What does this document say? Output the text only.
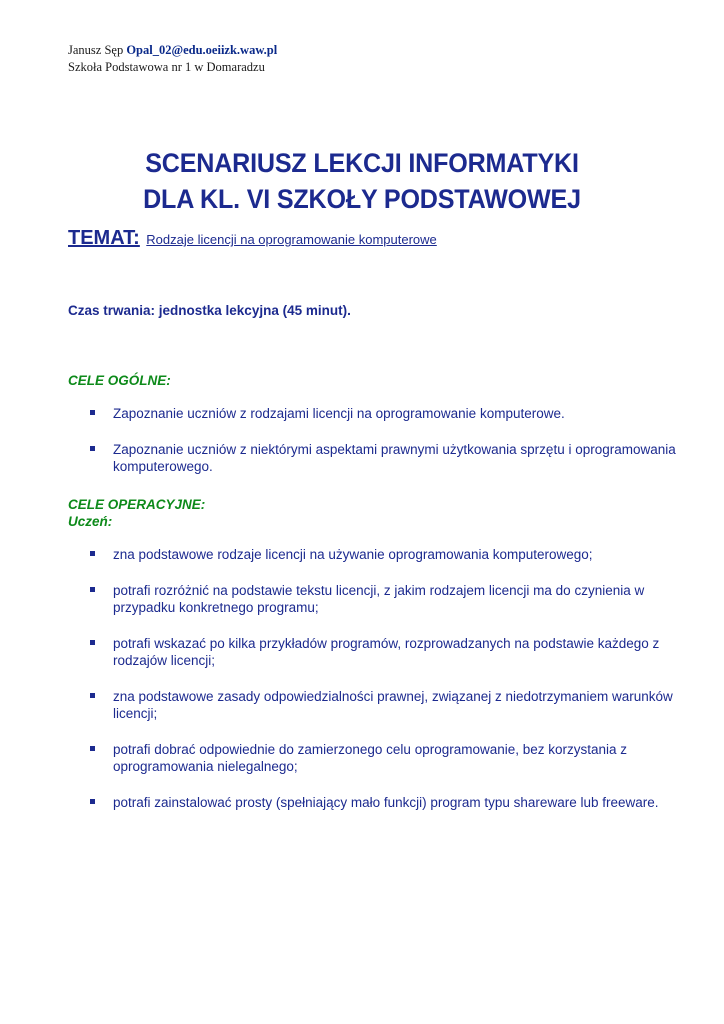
Janusz Sęp Opal_02@edu.oeiizk.waw.pl
Szkoła Podstawowa nr 1 w Domaradzu
SCENARIUSZ LEKCJI INFORMATYKI
DLA KL. VI SZKOŁY PODSTAWOWEJ
TEMAT: Rodzaje licencji na oprogramowanie komputerowe
Czas trwania: jednostka lekcyjna (45 minut).
CELE OGÓLNE:
Zapoznanie uczniów z rodzajami licencji na oprogramowanie komputerowe.
Zapoznanie uczniów z niektórymi aspektami prawnymi użytkowania sprzętu i oprogramowania komputerowego.
CELE OPERACYJNE:
Uczeń:
zna podstawowe rodzaje licencji na używanie oprogramowania komputerowego;
potrafi rozróżnić na podstawie tekstu licencji, z jakim rodzajem licencji ma do czynienia w przypadku konkretnego programu;
potrafi wskazać po kilka przykładów programów, rozprowadzanych na podstawie każdego z rodzajów licencji;
zna podstawowe zasady odpowiedzialności prawnej, związanej z niedotrzymaniem warunków licencji;
potrafi dobrać odpowiednie do zamierzonego celu oprogramowanie, bez korzystania z oprogramowania nielegalnego;
potrafi zainstalować prosty (spełniający mało funkcji) program typu shareware lub freeware.
